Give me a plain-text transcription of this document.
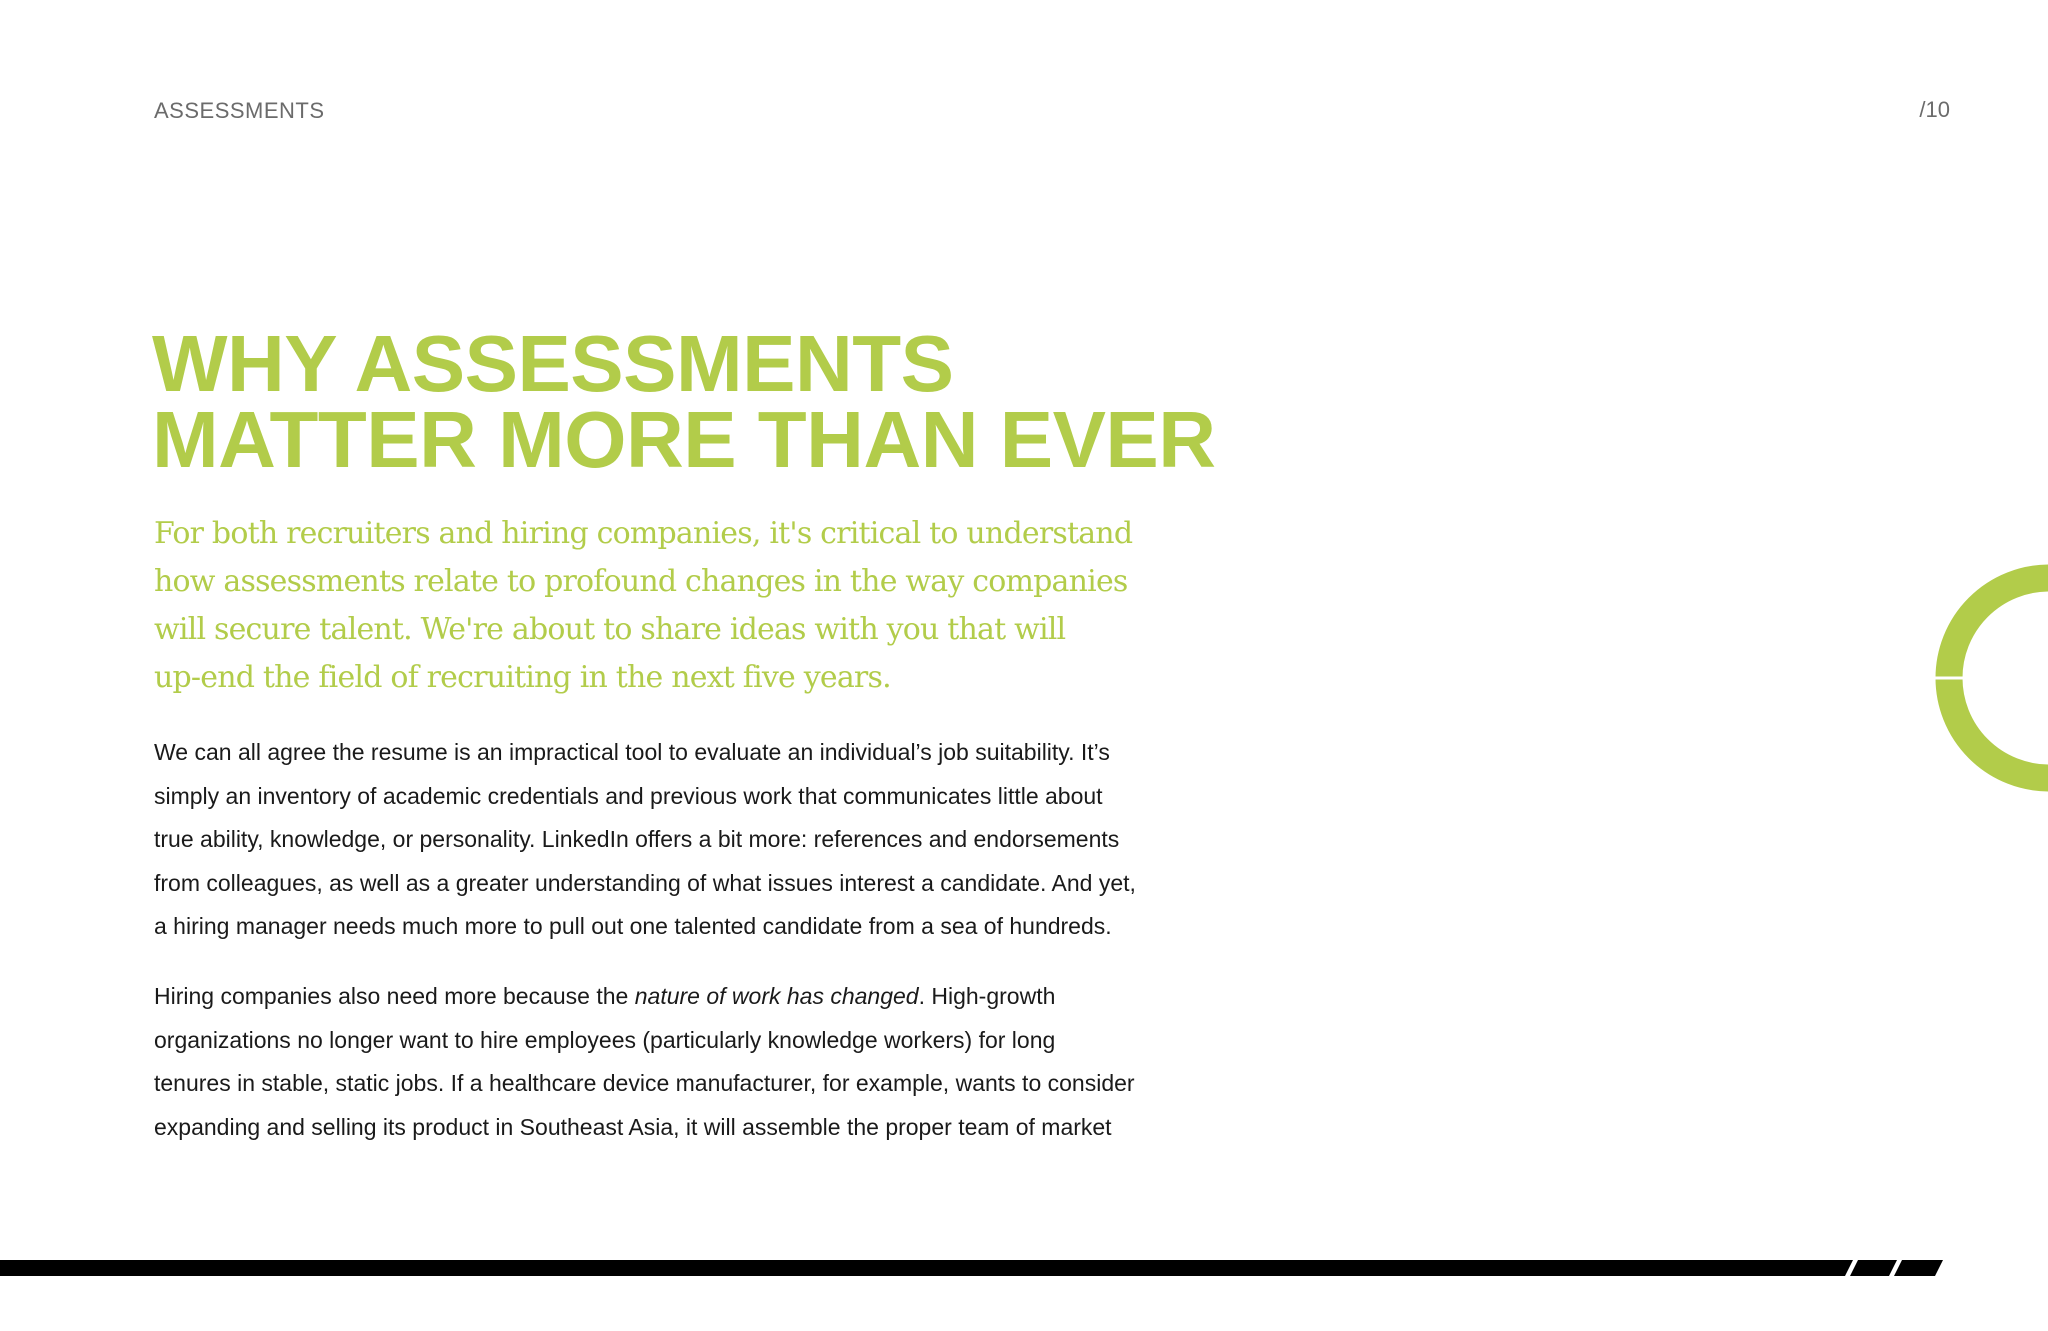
ASSESSMENTS	/10
WHY ASSESSMENTS
MATTER MORE THAN EVER

For both recruiters and hiring companies, it's critical to understand
how assessments relate to profound changes in the way companies
will secure talent. We're about to share ideas with you that will
up-end the field of recruiting in the next five years.

We can all agree the resume is an impractical tool to evaluate an individual’s job suitability. It’s
simply an inventory of academic credentials and previous work that communicates little about
true ability, knowledge, or personality. LinkedIn offers a bit more: references and endorsements
from colleagues, as well as a greater understanding of what issues interest a candidate. And yet,
a hiring manager needs much more to pull out one talented candidate from a sea of hundreds.

Hiring companies also need more because the nature of work has changed. High-growth
organizations no longer want to hire employees (particularly knowledge workers) for long
tenures in stable, static jobs. If a healthcare device manufacturer, for example, wants to consider
expanding and selling its product in Southeast Asia, it will assemble the proper team of market
